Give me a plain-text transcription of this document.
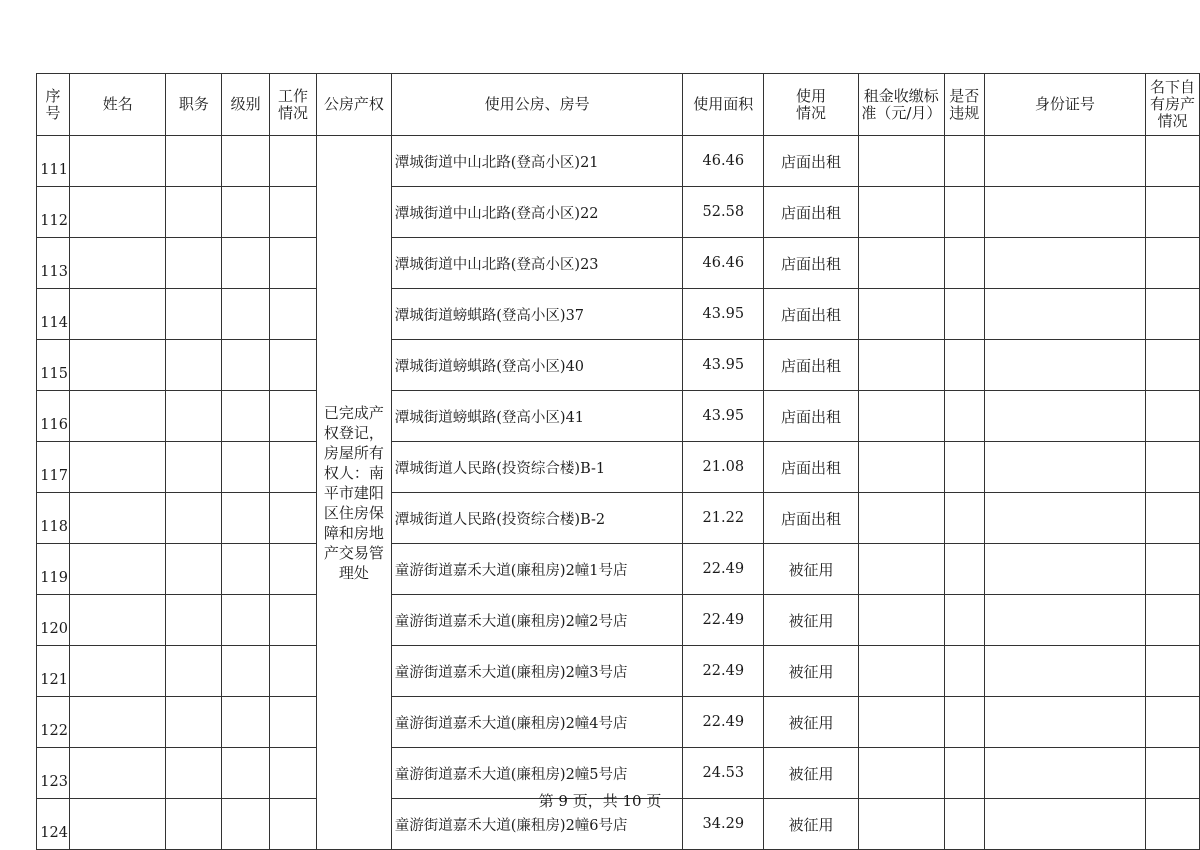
序号	姓名	职务	级别	工作情况	公房产权	使用公房、房号	使用面积	使用情况	租金收缴标准（元/月）	是否违规	身份证号	名下自有房产情况

111					已完成产权登记，房屋所有权人：南平市建阳区住房保障和房地产交易管理处	潭城街道中山北路(登高小区)21	46.46	店面出租				
112						潭城街道中山北路(登高小区)22	52.58	店面出租				
113						潭城街道中山北路(登高小区)23	46.46	店面出租				
114						潭城街道螃蜞路(登高小区)37	43.95	店面出租				
115						潭城街道螃蜞路(登高小区)40	43.95	店面出租				
116						潭城街道螃蜞路(登高小区)41	43.95	店面出租				
117						潭城街道人民路(投资综合楼)B-1	21.08	店面出租				
118						潭城街道人民路(投资综合楼)B-2	21.22	店面出租				
119						童游街道嘉禾大道(廉租房)2幢1号店	22.49	被征用				
120						童游街道嘉禾大道(廉租房)2幢2号店	22.49	被征用				
121						童游街道嘉禾大道(廉租房)2幢3号店	22.49	被征用				
122						童游街道嘉禾大道(廉租房)2幢4号店	22.49	被征用				
123						童游街道嘉禾大道(廉租房)2幢5号店	24.53	被征用				
124						童游街道嘉禾大道(廉租房)2幢6号店	34.29	被征用				
第 9 页，共 10 页
